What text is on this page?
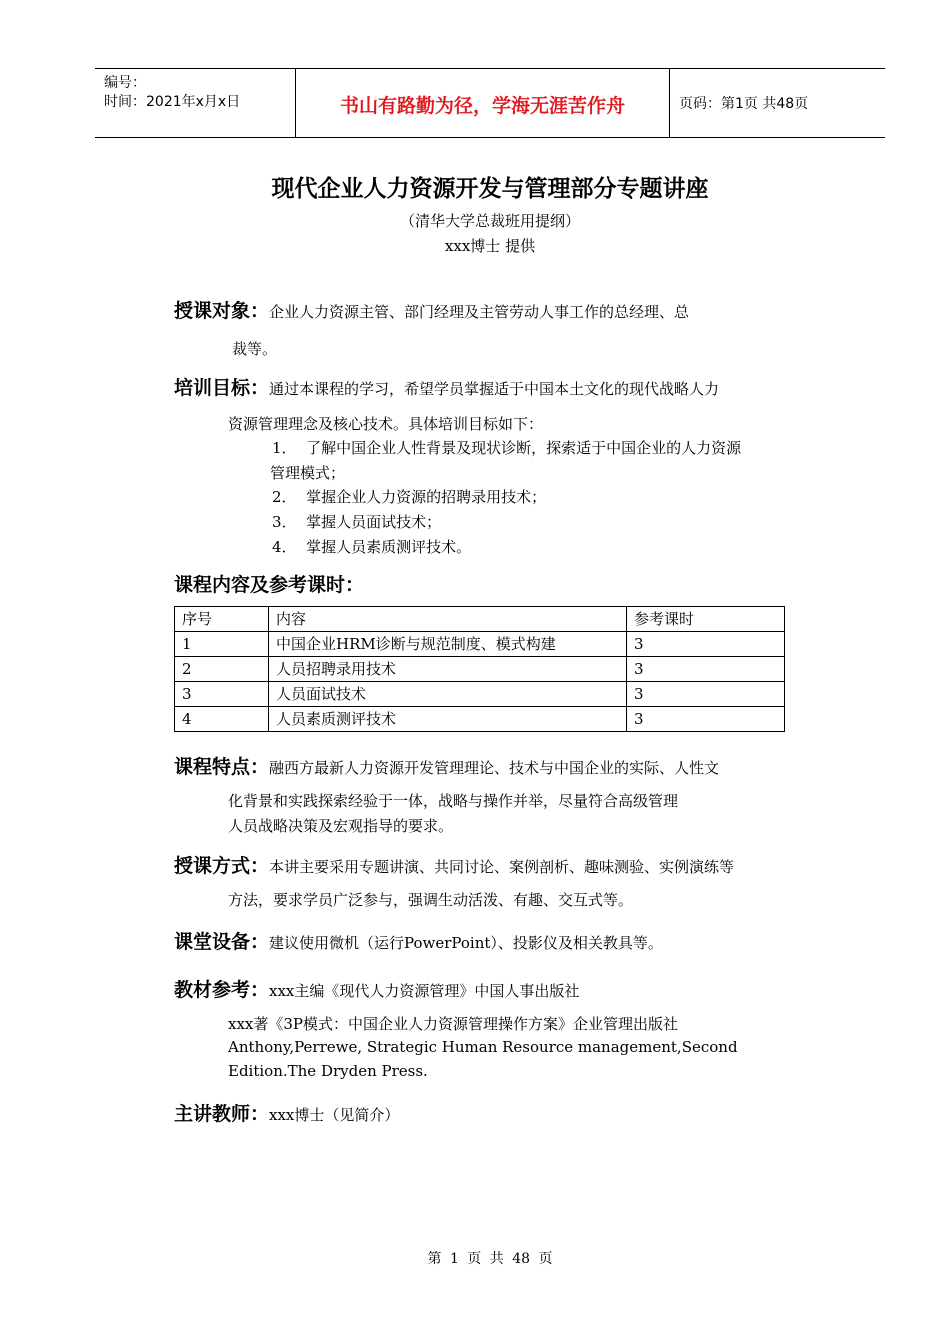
编号：
时间：2021年x月x日	书山有路勤为径，学海无涯苦作舟	页码：第1页 共48页
现代企业人力资源开发与管理部分专题讲座
（清华大学总裁班用提纲）
xxx博士 提供
授课对象：企业人力资源主管、部门经理及主管劳动人事工作的总经理、总
裁等。
培训目标：通过本课程的学习，希望学员掌握适于中国本土文化的现代战略人力
资源管理理念及核心技术。具体培训目标如下：
1． 了解中国企业人性背景及现状诊断，探索适于中国企业的人力资源
管理模式；
2． 掌握企业人力资源的招聘录用技术；
3． 掌握人员面试技术；
4． 掌握人员素质测评技术。
课程内容及参考课时：
序号	内容	参考课时
1	中国企业HRM诊断与规范制度、模式构建	3
2	人员招聘录用技术	3
3	人员面试技术	3
4	人员素质测评技术	3
课程特点：融西方最新人力资源开发管理理论、技术与中国企业的实际、人性文
化背景和实践探索经验于一体，战略与操作并举，尽量符合高级管理
人员战略决策及宏观指导的要求。
授课方式：本讲主要采用专题讲演、共同讨论、案例剖析、趣味测验、实例演练等
方法，要求学员广泛参与，强调生动活泼、有趣、交互式等。
课堂设备：建议使用微机（运行PowerPoint）、投影仪及相关教具等。
教材参考：xxx主编《现代人力资源管理》中国人事出版社
xxx著《3P模式：中国企业人力资源管理操作方案》企业管理出版社
Anthony,Perrewe, Strategic Human Resource management,Second
Edition.The Dryden Press.
主讲教师：xxx博士（见简介）
第 1 页 共 48 页
